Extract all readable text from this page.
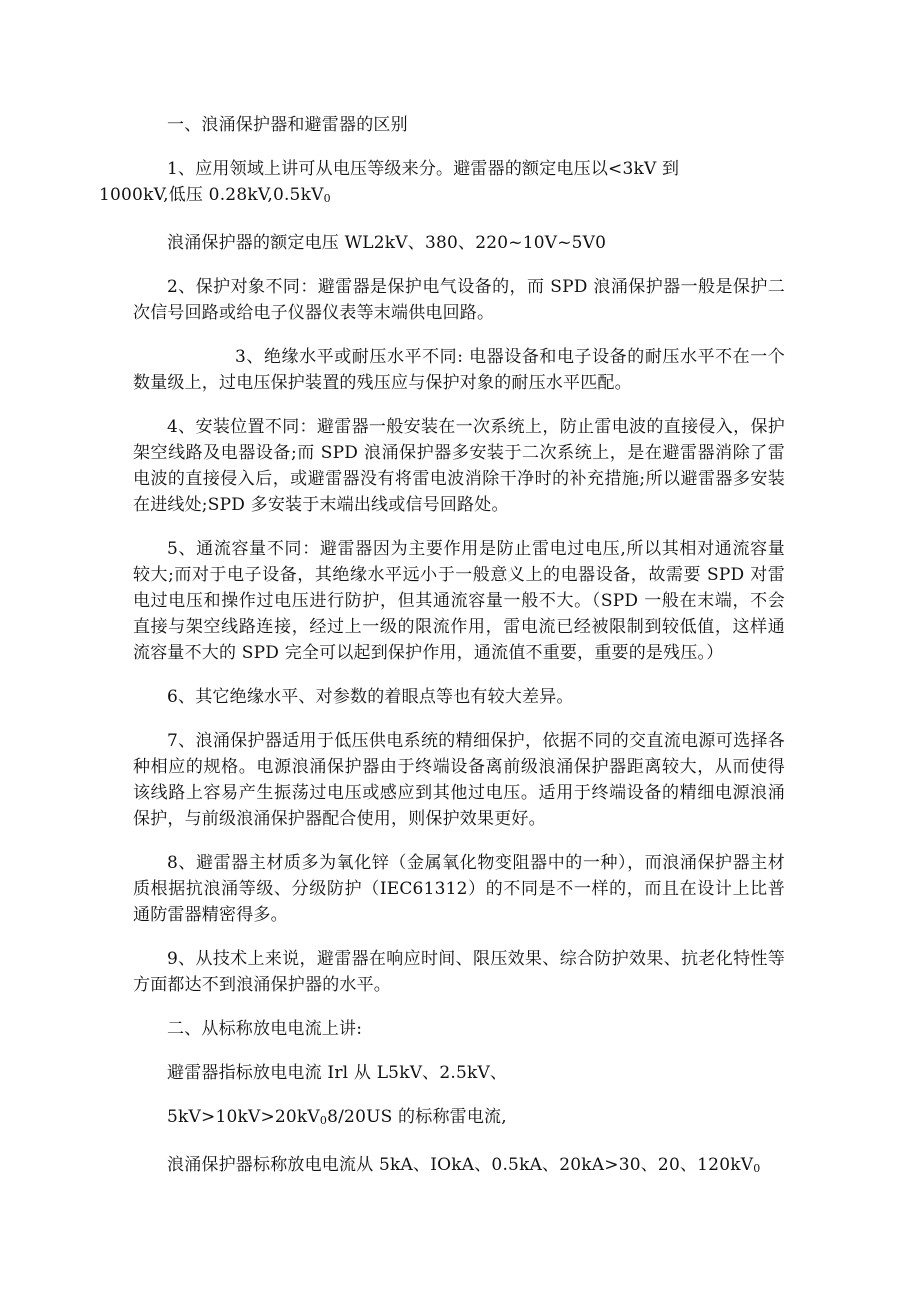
一、浪涌保护器和避雷器的区别

1、应用领域上讲可从电压等级来分。避雷器的额定电压以<3kV 到
1000kV,低压 $0.28kV,0.5kV_0$

浪涌保护器的额定电压 WL2kV、380、220~10V~5V0

2、保护对象不同：避雷器是保护电气设备的，而 SPD 浪涌保护器一般是保护二次信号回路或给电子仪器仪表等末端供电回路。

3、绝缘水平或耐压水平不同: 电器设备和电子设备的耐压水平不在一个数量级上，过电压保护装置的残压应与保护对象的耐压水平匹配。

4、安装位置不同：避雷器一般安装在一次系统上，防止雷电波的直接侵入，保护架空线路及电器设备;而 SPD 浪涌保护器多安装于二次系统上，是在避雷器消除了雷电波的直接侵入后，或避雷器没有将雷电波消除干净时的补充措施;所以避雷器多安装在进线处;SPD 多安装于末端出线或信号回路处。

5、通流容量不同：避雷器因为主要作用是防止雷电过电压,所以其相对通流容量较大;而对于电子设备，其绝缘水平远小于一般意义上的电器设备，故需要 SPD 对雷电过电压和操作过电压进行防护，但其通流容量一般不大。（SPD 一般在末端，不会直接与架空线路连接，经过上一级的限流作用，雷电流已经被限制到较低值，这样通流容量不大的 SPD 完全可以起到保护作用，通流值不重要，重要的是残压。）

6、其它绝缘水平、对参数的着眼点等也有较大差异。

7、浪涌保护器适用于低压供电系统的精细保护，依据不同的交直流电源可选择各种相应的规格。电源浪涌保护器由于终端设备离前级浪涌保护器距离较大，从而使得该线路上容易产生振荡过电压或感应到其他过电压。适用于终端设备的精细电源浪涌保护，与前级浪涌保护器配合使用，则保护效果更好。

8、避雷器主材质多为氧化锌（金属氧化物变阻器中的一种），而浪涌保护器主材质根据抗浪涌等级、分级防护（IEC61312）的不同是不一样的，而且在设计上比普通防雷器精密得多。

9、从技术上来说，避雷器在响应时间、限压效果、综合防护效果、抗老化特性等方面都达不到浪涌保护器的水平。

二、从标称放电电流上讲:

避雷器指标放电电流 Irl 从 L5kV、2.5kV、

$5kV>10kV>20kV_08/20US$ 的标称雷电流,

浪涌保护器标称放电电流从 5kA、IOkA、0.5kA、20kA>30、20、$120kV_0$
